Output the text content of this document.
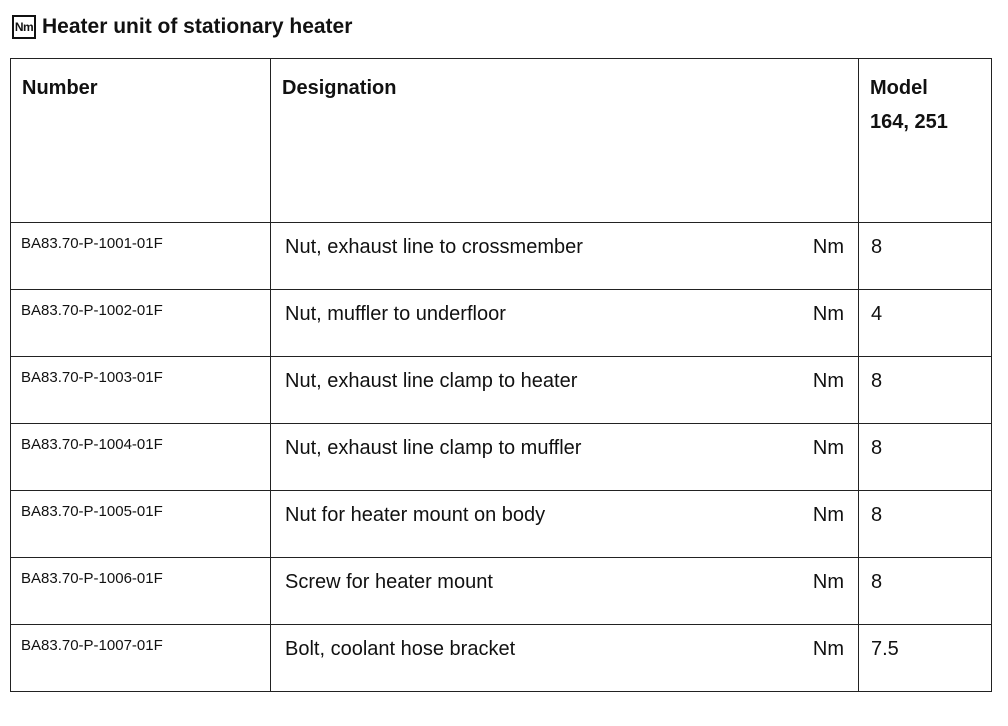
Nm Heater unit of stationary heater
Number	Designation	Model
164, 251

BA83.70-P-1001-01F	Nut, exhaust line to crossmember Nm	8
BA83.70-P-1002-01F	Nut, muffler to underfloor Nm	4
BA83.70-P-1003-01F	Nut, exhaust line clamp to heater Nm	8
BA83.70-P-1004-01F	Nut, exhaust line clamp to muffler Nm	8
BA83.70-P-1005-01F	Nut for heater mount on body Nm	8
BA83.70-P-1006-01F	Screw for heater mount Nm	8
BA83.70-P-1007-01F	Bolt, coolant hose bracket Nm	7.5
